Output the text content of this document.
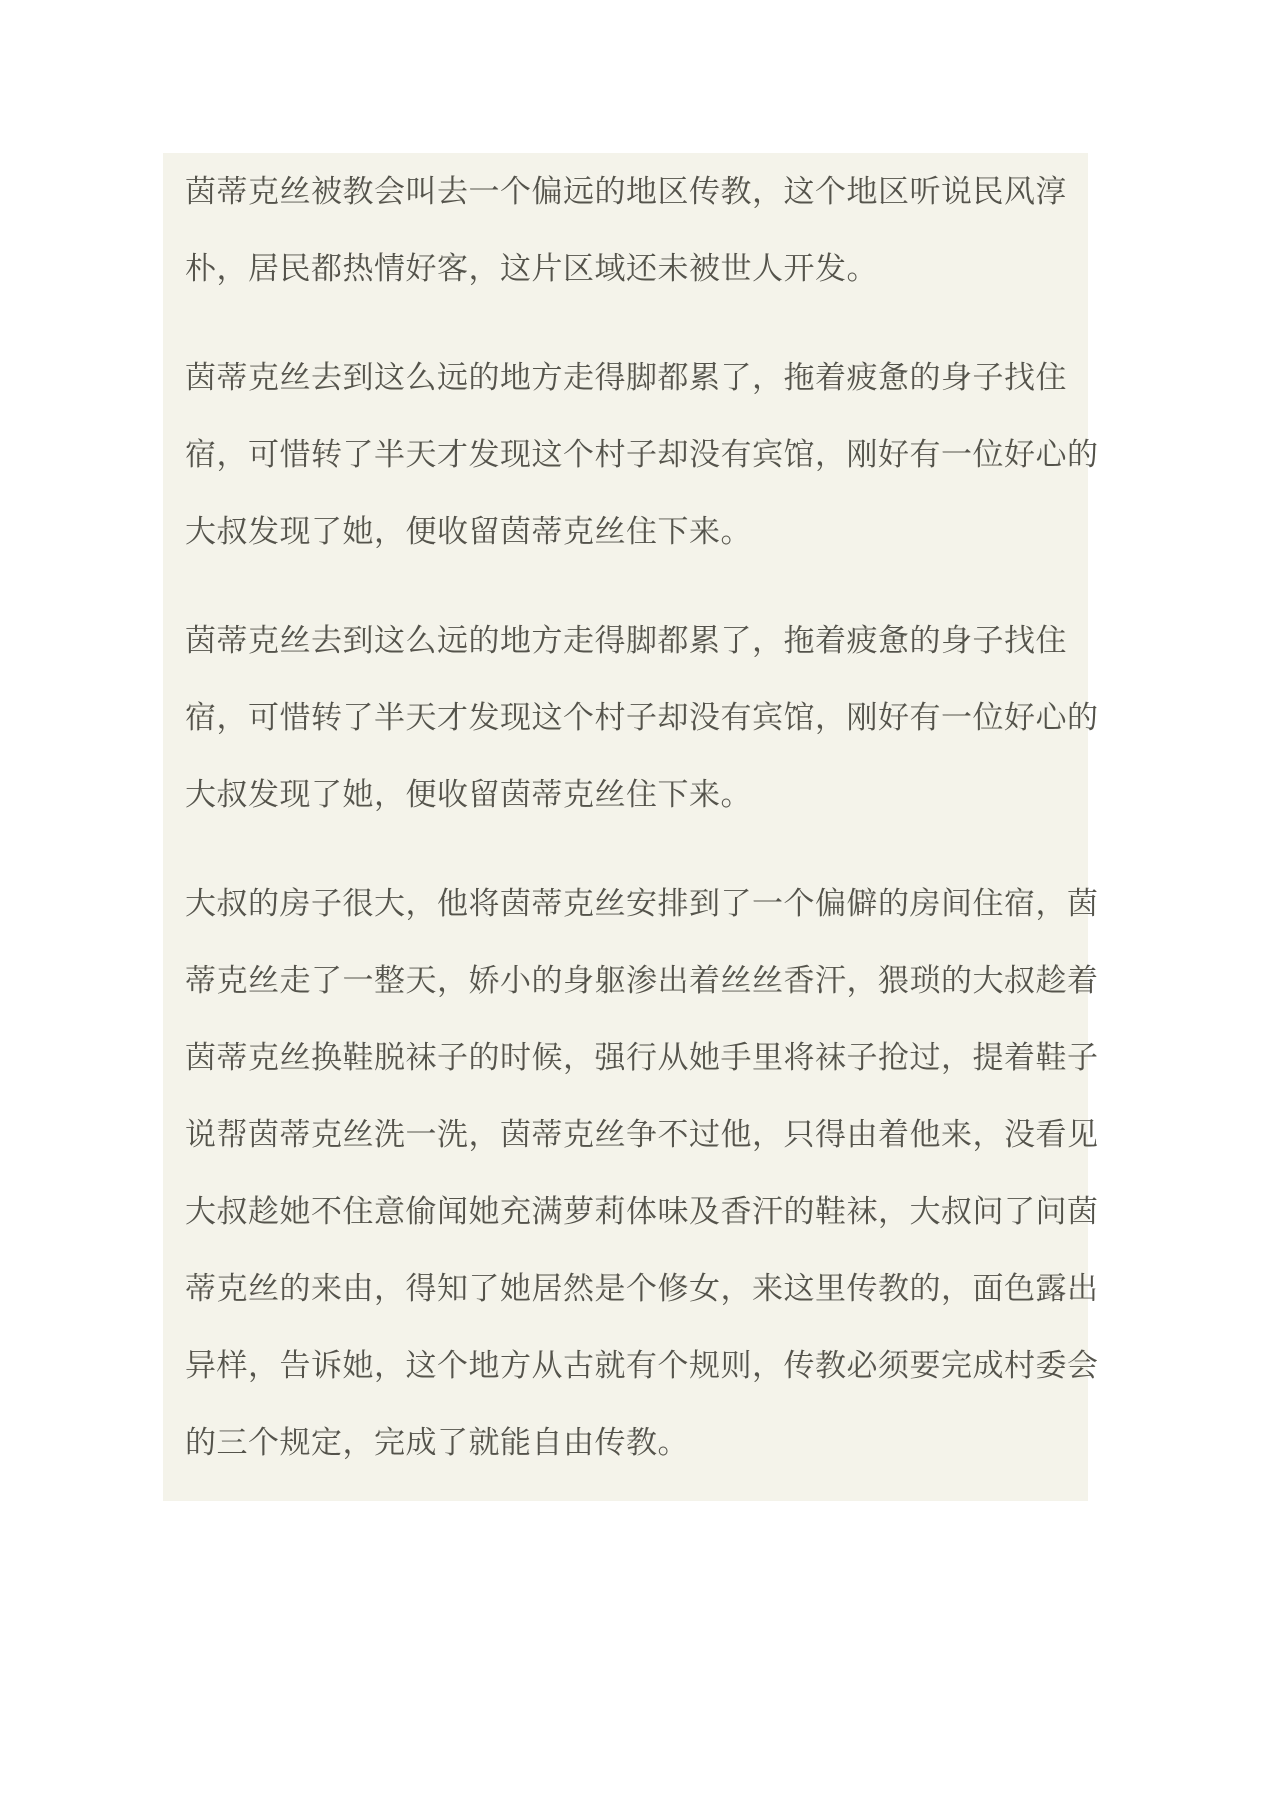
茵蒂克丝被教会叫去一个偏远的地区传教，这个地区听说民风淳
朴，居民都热情好客，这片区域还未被世人开发。

茵蒂克丝去到这么远的地方走得脚都累了，拖着疲惫的身子找住
宿，可惜转了半天才发现这个村子却没有宾馆，刚好有一位好心的
大叔发现了她，便收留茵蒂克丝住下来。

茵蒂克丝去到这么远的地方走得脚都累了，拖着疲惫的身子找住
宿，可惜转了半天才发现这个村子却没有宾馆，刚好有一位好心的
大叔发现了她，便收留茵蒂克丝住下来。

大叔的房子很大，他将茵蒂克丝安排到了一个偏僻的房间住宿，茵
蒂克丝走了一整天，娇小的身躯渗出着丝丝香汗，猥琐的大叔趁着
茵蒂克丝换鞋脱袜子的时候，强行从她手里将袜子抢过，提着鞋子
说帮茵蒂克丝洗一洗，茵蒂克丝争不过他，只得由着他来，没看见
大叔趁她不住意偷闻她充满萝莉体味及香汗的鞋袜，大叔问了问茵
蒂克丝的来由，得知了她居然是个修女，来这里传教的，面色露出
异样，告诉她，这个地方从古就有个规则，传教必须要完成村委会
的三个规定，完成了就能自由传教。
